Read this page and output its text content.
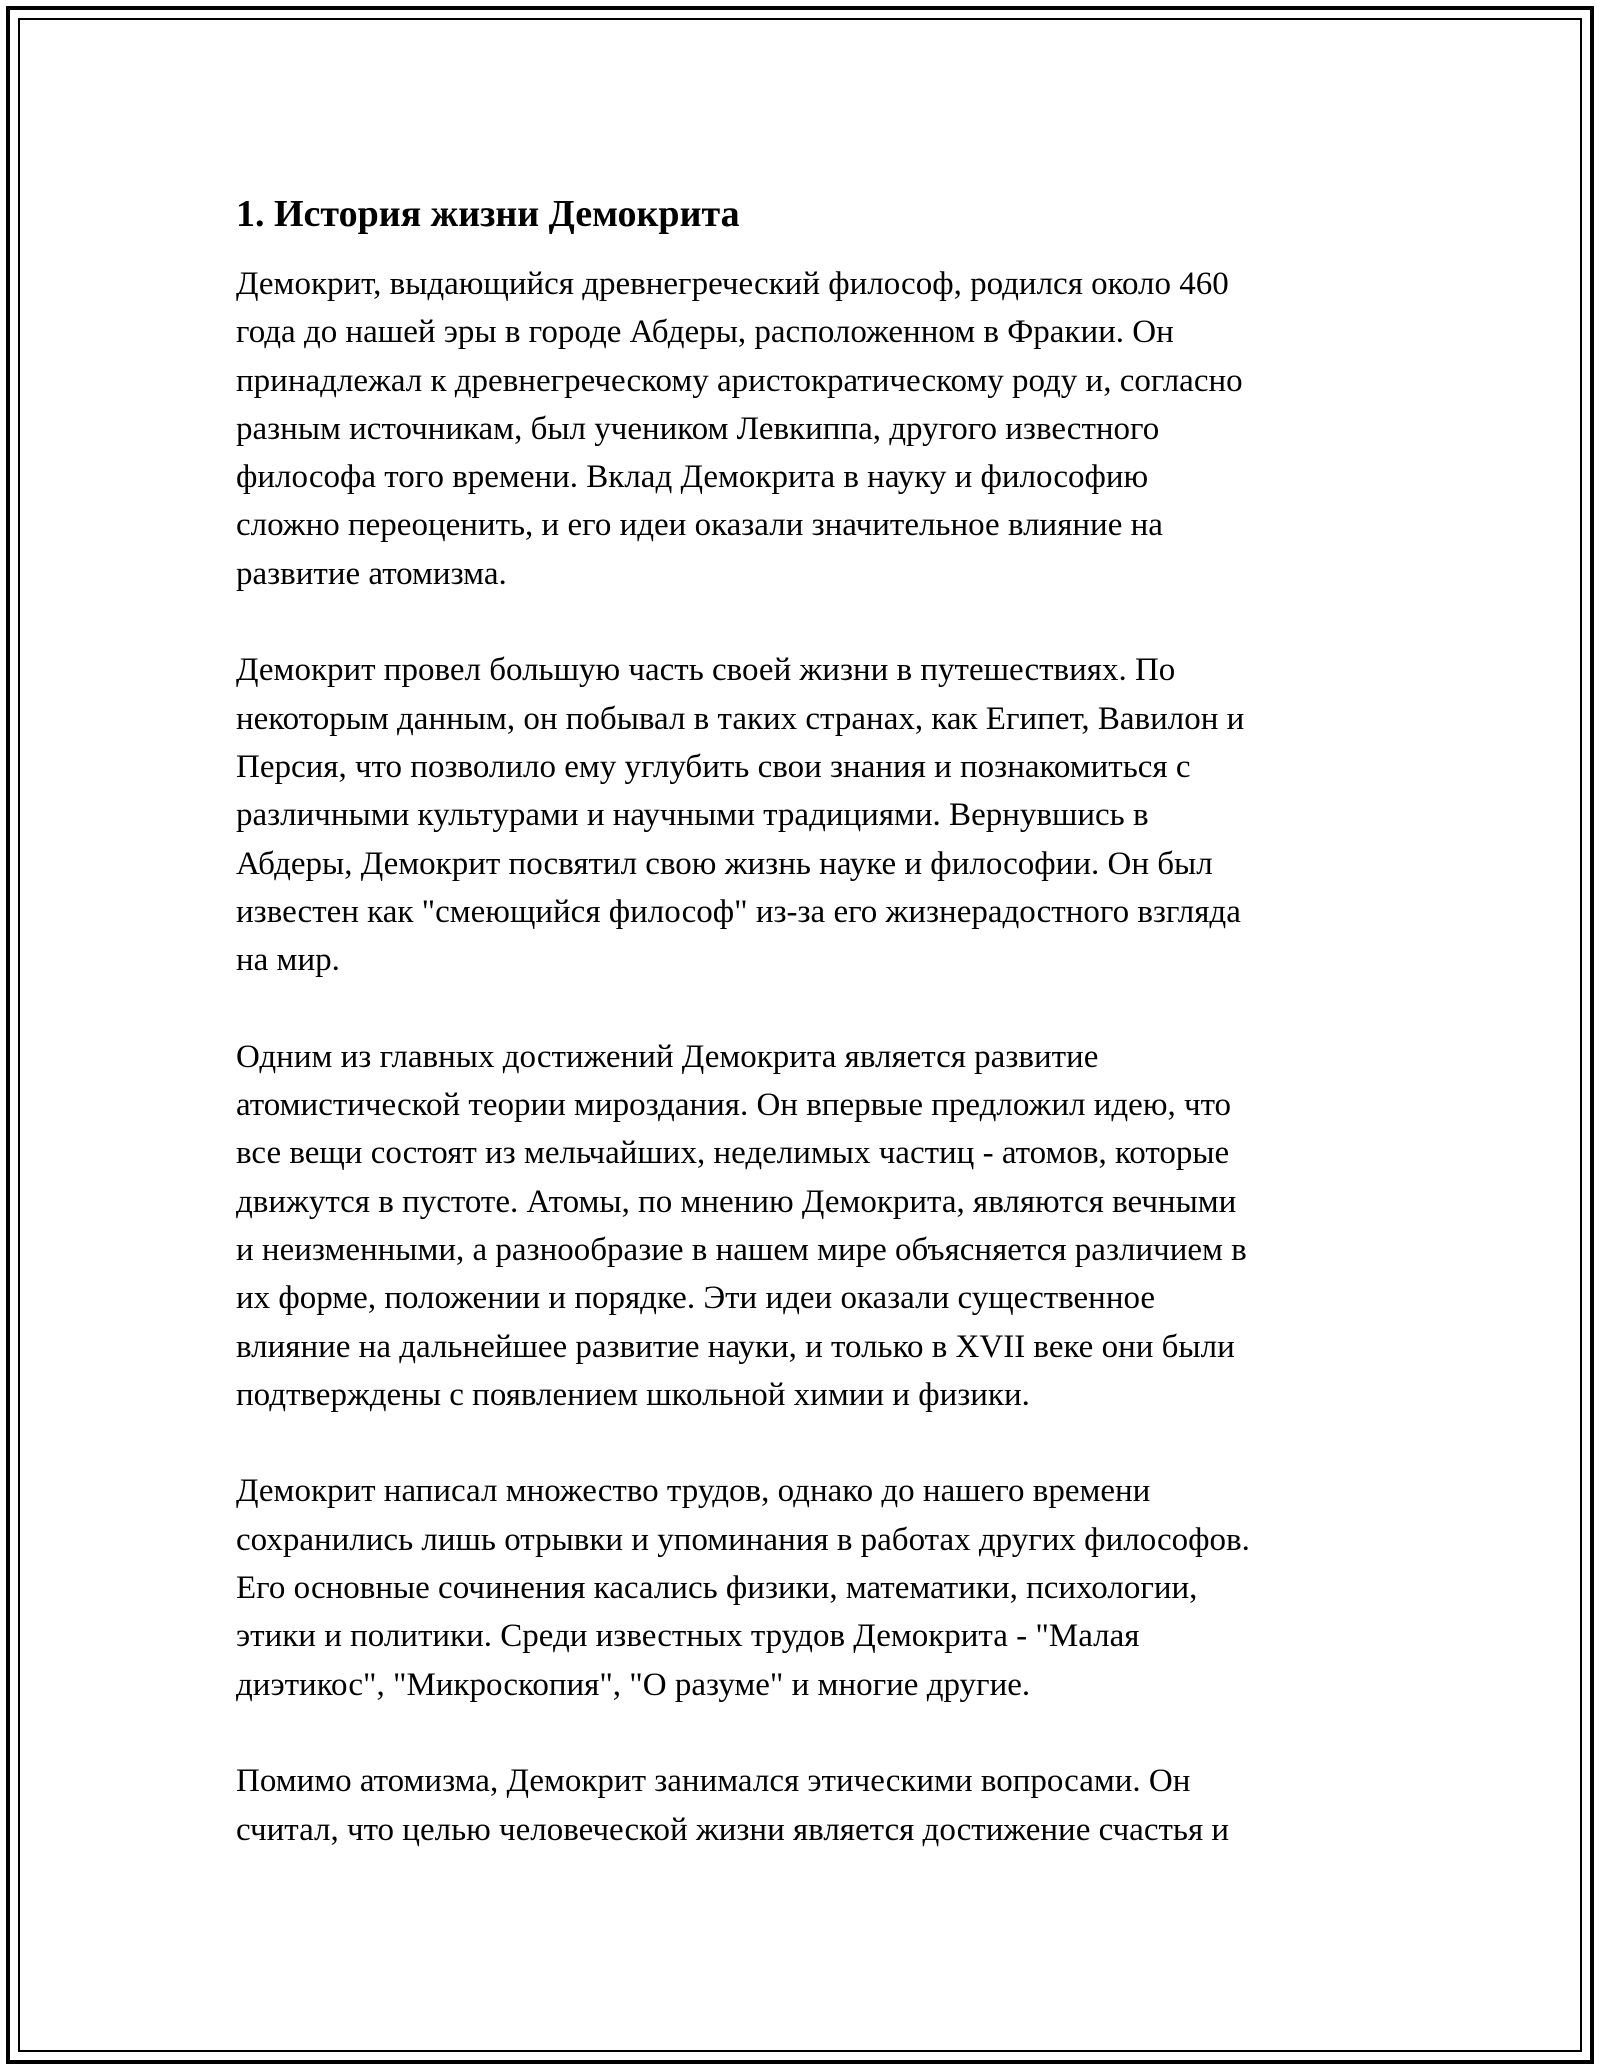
1. История жизни Демокрита
Демокрит, выдающийся древнегреческий философ, родился около 460
года до нашей эры в городе Абдеры, расположенном в Фракии. Он
принадлежал к древнегреческому аристократическому роду и, согласно
разным источникам, был учеником Левкиппа, другого известного
философа того времени. Вклад Демокрита в науку и философию
сложно переоценить, и его идеи оказали значительное влияние на
развитие атомизма.
Демокрит провел большую часть своей жизни в путешествиях. По
некоторым данным, он побывал в таких странах, как Египет, Вавилон и
Персия, что позволило ему углубить свои знания и познакомиться с
различными культурами и научными традициями. Вернувшись в
Абдеры, Демокрит посвятил свою жизнь науке и философии. Он был
известен как "смеющийся философ" из-за его жизнерадостного взгляда
на мир.
Одним из главных достижений Демокрита является развитие
атомистической теории мироздания. Он впервые предложил идею, что
все вещи состоят из мельчайших, неделимых частиц - атомов, которые
движутся в пустоте. Атомы, по мнению Демокрита, являются вечными
и неизменными, а разнообразие в нашем мире объясняется различием в
их форме, положении и порядке. Эти идеи оказали существенное
влияние на дальнейшее развитие науки, и только в XVII веке они были
подтверждены с появлением школьной химии и физики.
Демокрит написал множество трудов, однако до нашего времени
сохранились лишь отрывки и упоминания в работах других философов.
Его основные сочинения касались физики, математики, психологии,
этики и политики. Среди известных трудов Демокрита - "Малая
диэтикос", "Микроскопия", "О разуме" и многие другие.
Помимо атомизма, Демокрит занимался этическими вопросами. Он
считал, что целью человеческой жизни является достижение счастья и
